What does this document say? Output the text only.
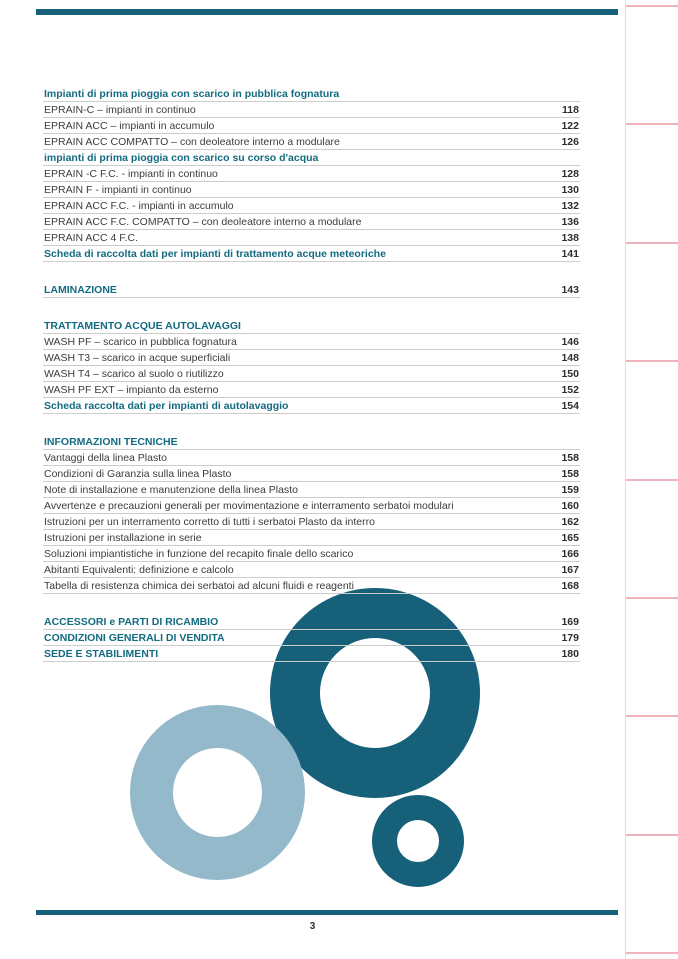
Impianti di prima pioggia con scarico in pubblica fognatura
EPRAIN-C – impianti in continuo	118
EPRAIN ACC – impianti in accumulo	122
EPRAIN ACC COMPATTO – con deoleatore interno a modulare	126
impianti di prima pioggia con scarico su corso d'acqua
EPRAIN -C F.C. - impianti in continuo	128
EPRAIN F - impianti in continuo	130
EPRAIN ACC F.C. - impianti in accumulo	132
EPRAIN ACC F.C. COMPATTO – con deoleatore interno a modulare	136
EPRAIN ACC 4 F.C.	138
Scheda di raccolta dati per impianti di trattamento acque meteoriche	141
LAMINAZIONE	143
TRATTAMENTO ACQUE AUTOLAVAGGI
WASH PF – scarico in pubblica fognatura	146
WASH T3 – scarico in acque superficiali	148
WASH T4 – scarico al suolo o riutilizzo	150
WASH PF EXT – impianto da esterno	152
Scheda raccolta dati per impianti di autolavaggio	154
INFORMAZIONI TECNICHE
Vantaggi della linea Plasto	158
Condizioni di Garanzia sulla linea Plasto	158
Note di installazione e manutenzione della linea Plasto	159
Avvertenze e precauzioni generali per movimentazione e interramento serbatoi modulari	160
Istruzioni per un interramento corretto di tutti i serbatoi Plasto da interro	162
Istruzioni per installazione in serie	165
Soluzioni impiantistiche in funzione del recapito finale dello scarico	166
Abitanti Equivalenti: definizione e calcolo	167
Tabella di resistenza chimica dei serbatoi ad alcuni fluidi e reagenti	168
ACCESSORI e PARTI DI RICAMBIO	169
CONDIZIONI GENERALI DI VENDITA	179
SEDE E STABILIMENTI	180
3
